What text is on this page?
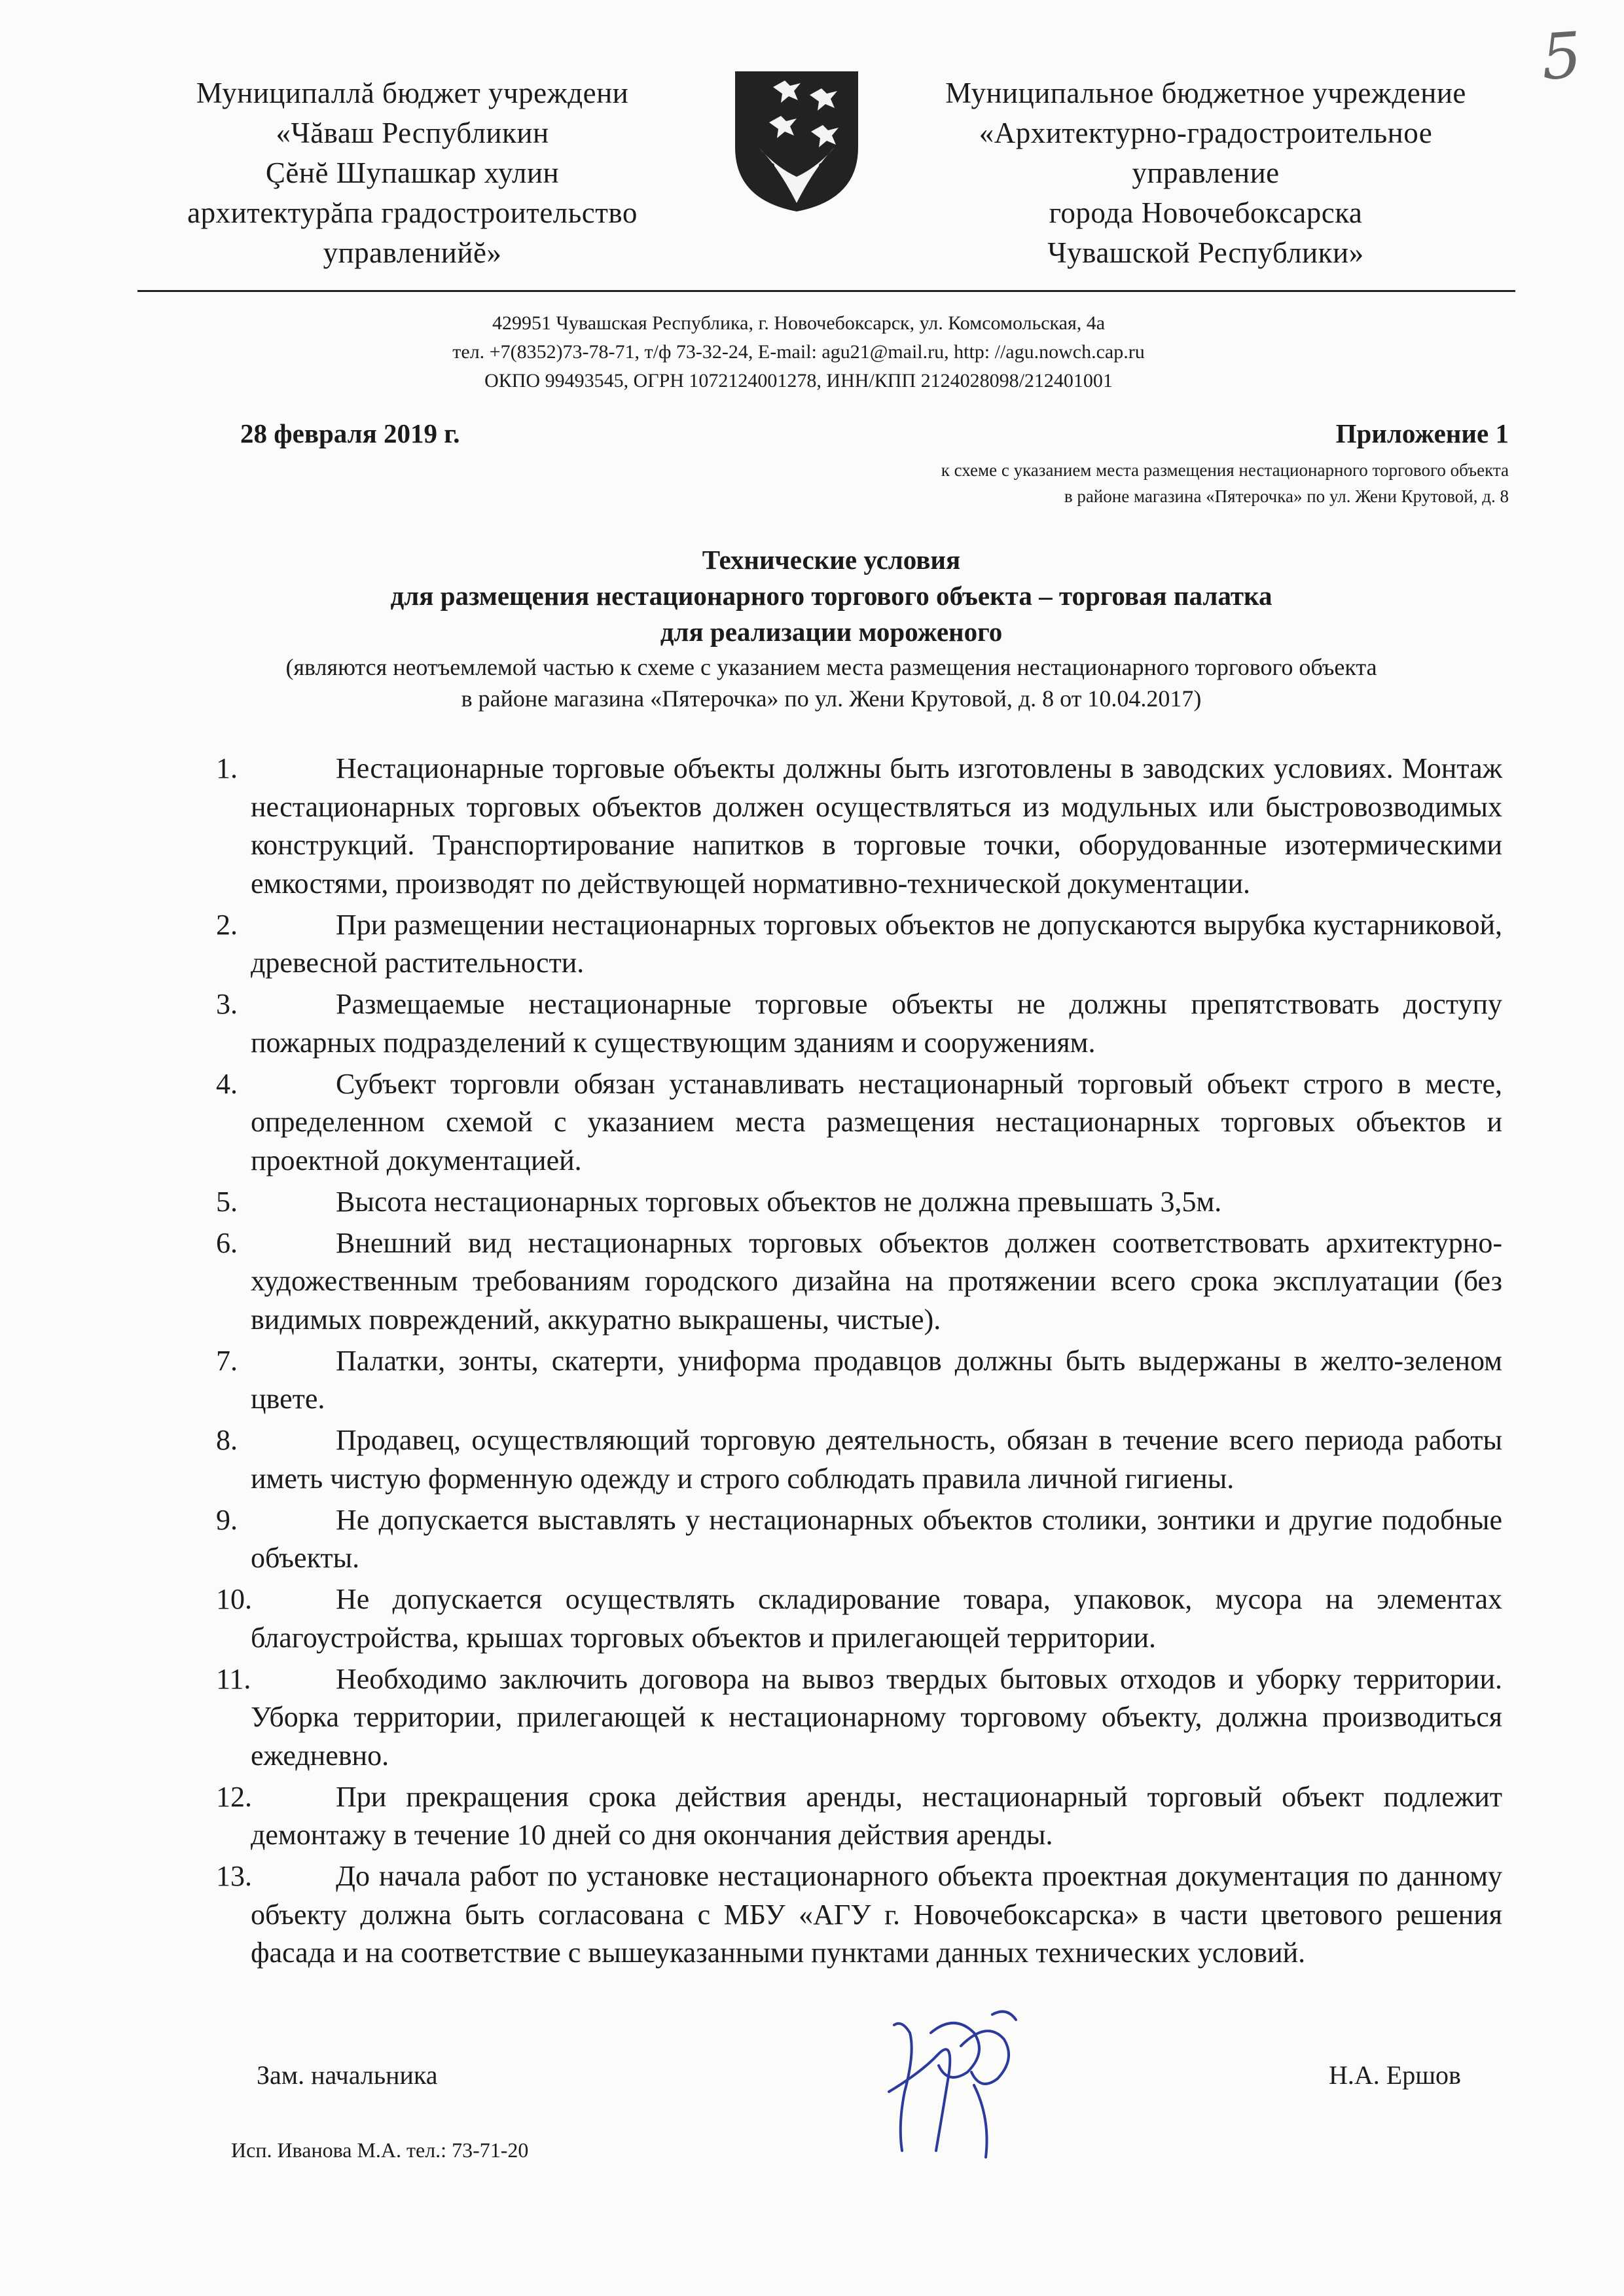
5
Муниципаллă бюджет учреждени
«Чăваш Республикин
Çĕнĕ Шупашкар хулин
архитектурăпа градостроительство
управленийĕ»
Муниципальное бюджетное учреждение
«Архитектурно-градостроительное
управление
города Новочебоксарска
Чувашской Республики»
429951 Чувашская Республика, г. Новочебоксарск, ул. Комсомольская, 4а
тел. +7(8352)73-78-71, т/ф 73-32-24, E-mail: agu21@mail.ru, http: //agu.nowch.cap.ru
ОКПО 99493545, ОГРН 1072124001278, ИНН/КПП 2124028098/212401001
28 февраля 2019 г.	Приложение 1
к схеме с указанием места размещения нестационарного торгового объекта
в районе магазина «Пятерочка» по ул. Жени Крутовой, д. 8
Технические условия
для размещения нестационарного торгового объекта – торговая палатка
для реализации мороженого
(являются неотъемлемой частью к схеме с указанием места размещения нестационарного торгового объекта
в районе магазина «Пятерочка» по ул. Жени Крутовой, д. 8 от 10.04.2017)
1.	Нестационарные торговые объекты должны быть изготовлены в заводских условиях. Монтаж нестационарных торговых объектов должен осуществляться из модульных или быстровозводимых конструкций. Транспортирование напитков в торговые точки, оборудованные изотермическими емкостями, производят по действующей нормативно-технической документации.
2.	При размещении нестационарных торговых объектов не допускаются вырубка кустарниковой, древесной растительности.
3.	Размещаемые нестационарные торговые объекты не должны препятствовать доступу пожарных подразделений к существующим зданиям и сооружениям.
4.	Субъект торговли обязан устанавливать нестационарный торговый объект строго в месте, определенном схемой с указанием места размещения нестационарных торговых объектов и проектной документацией.
5.	Высота нестационарных торговых объектов не должна превышать 3,5м.
6.	Внешний вид нестационарных торговых объектов должен соответствовать архитектурно-художественным требованиям городского дизайна на протяжении всего срока эксплуатации (без видимых повреждений, аккуратно выкрашены, чистые).
7.	Палатки, зонты, скатерти, униформа продавцов должны быть выдержаны в желто-зеленом цвете.
8.	Продавец, осуществляющий торговую деятельность, обязан в течение всего периода работы иметь чистую форменную одежду и строго соблюдать правила личной гигиены.
9.	Не допускается выставлять у нестационарных объектов столики, зонтики и другие подобные объекты.
10.	Не допускается осуществлять складирование товара, упаковок, мусора на элементах благоустройства, крышах торговых объектов и прилегающей территории.
11.	Необходимо заключить договора на вывоз твердых бытовых отходов и уборку территории. Уборка территории, прилегающей к нестационарному торговому объекту, должна производиться ежедневно.
12.	При прекращения срока действия аренды, нестационарный торговый объект подлежит демонтажу в течение 10 дней со дня окончания действия аренды.
13.	До начала работ по установке нестационарного объекта проектная документация по данному объекту должна быть согласована с МБУ «АГУ г. Новочебоксарска» в части цветового решения фасада и на соответствие с вышеуказанными пунктами данных технических условий.
Зам. начальника	Н.А. Ершов
Исп. Иванова М.А. тел.: 73-71-20
